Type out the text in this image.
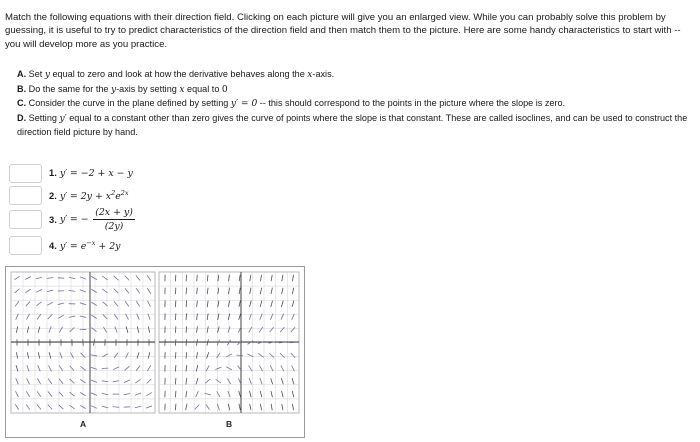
Match the following equations with their direction field. Clicking on each picture will give you an enlarged view. While you can probably solve this problem by guessing, it is useful to try to predict characteristics of the direction field and then match them to the picture. Here are some handy characteristics to start with -- you will develop more as you practice.

A. Set y equal to zero and look at how the derivative behaves along the x-axis.

B. Do the same for the y-axis by setting x equal to 0

C. Consider the curve in the plane defined by setting y′ = 0 -- this should correspond to the points in the picture where the slope is zero.

D. Setting y′ equal to a constant other than zero gives the curve of points where the slope is that constant. These are called isoclines, and can be used to construct the direction field picture by hand.

1. y′ = −2 + x − y
2. $y' = 2y + x^2e^{2x}$
3. y′ = − $\frac{(2x + y)}{(2y)}$
4. $y' = e^{-x} + 2y$
A	B
